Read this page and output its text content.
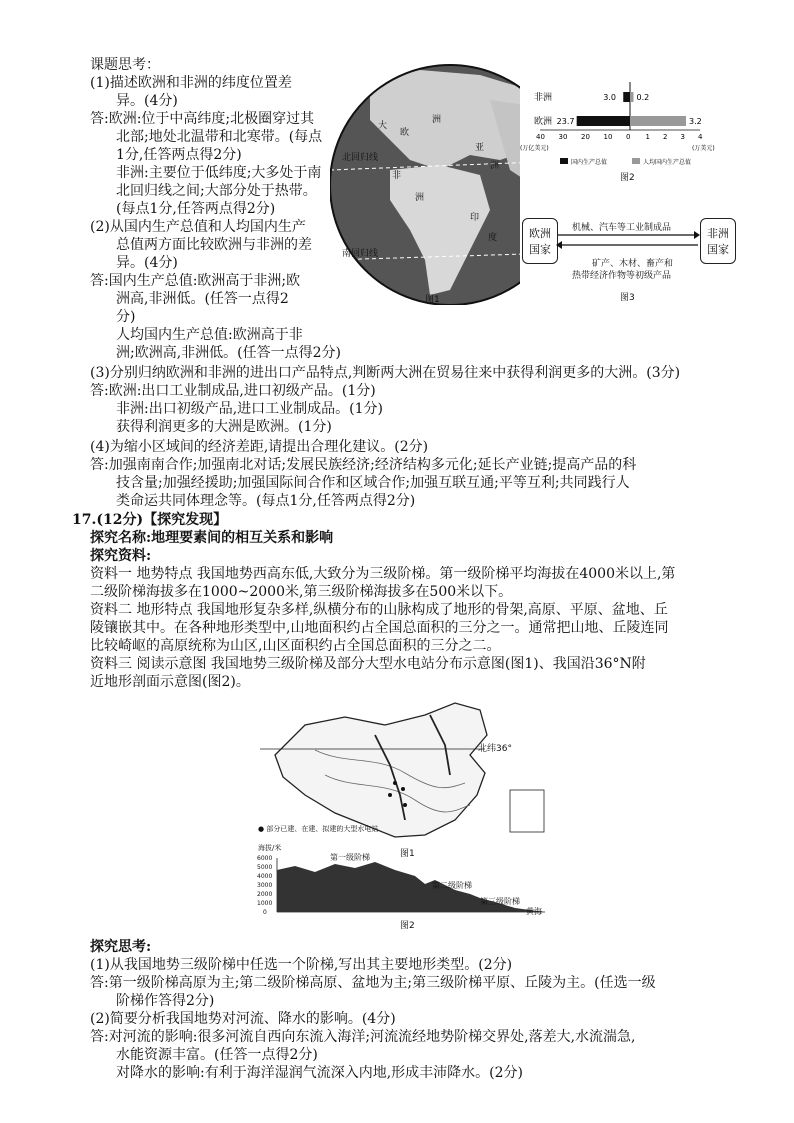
课题思考：
(1)描述欧洲和非洲的纬度位置差
异。(4分)
答:欧洲:位于中高纬度;北极圈穿过其
北部;地处北温带和北寒带。(每点
1分,任答两点得2分)
非洲:主要位于低纬度;大多处于南
北回归线之间;大部分处于热带。
(每点1分,任答两点得2分)
(2)从国内生产总值和人均国内生产
总值两方面比较欧洲与非洲的差
异。(4分)
答:国内生产总值:欧洲高于非洲;欧
洲高,非洲低。(任答一点得2
分)
人均国内生产总值:欧洲高于非
洲;欧洲高,非洲低。(任答一点得2分)
(3)分别归纳欧洲和非洲的进出口产品特点,判断两大洲在贸易往来中获得利润更多的大洲。(3分)
答:欧洲:出口工业制成品,进口初级产品。(1分)
非洲:出口初级产品,进口工业制成品。(1分)
获得利润更多的大洲是欧洲。(1分)
(4)为缩小区域间的经济差距,请提出合理化建议。(2分)
答:加强南南合作;加强南北对话;发展民族经济;经济结构多元化;延长产业链;提高产品的科
技含量;加强经援助;加强国际间合作和区域合作;加强互联互通;平等互利;共同践行人
类命运共同体理念等。(每点1分,任答两点得2分)
大
欧
洲
亚
洲
北回归线
非
洲
印
度
南回归线
图1
非洲	3.0	0.2
欧洲 23.7	3.2
40 30 20 10 0 1 2 3 4
(万亿美元)	(万美元)
国内生产总值	人均国内生产总值
图2
欧洲国家
非洲国家
机械、汽车等工业制成品
矿产、木材、畜产和
热带经济作物等初级产品
图3
17.(12分)【探究发现】
探究名称:地理要素间的相互关系和影响
探究资料:
资料一 地势特点 我国地势西高东低,大致分为三级阶梯。第一级阶梯平均海拔在4000米以上,第
二级阶梯海拔多在1000~2000米,第三级阶梯海拔多在500米以下。
资料二 地形特点 我国地形复杂多样,纵横分布的山脉构成了地形的骨架,高原、平原、盆地、丘
陵镶嵌其中。在各种地形类型中,山地面积约占全国总面积的三分之一。通常把山地、丘陵连同
比较崎岖的高原统称为山区,山区面积约占全国总面积的三分之二。
资料三 阅读示意图 我国地势三级阶梯及部分大型水电站分布示意图(图1)、我国沿36°N附
近地形剖面示意图(图2)。
北纬36°
● 部分已建、在建、拟建的大型水电站
图1
海拔/米
6000
5000
4000
3000
2000
1000
0
第一级阶梯
第二级阶梯
第三级阶梯
黄海
图2
探究思考:
(1)从我国地势三级阶梯中任选一个阶梯,写出其主要地形类型。(2分)
答:第一级阶梯高原为主;第二级阶梯高原、盆地为主;第三级阶梯平原、丘陵为主。(任选一级
阶梯作答得2分)
(2)简要分析我国地势对河流、降水的影响。(4分)
答:对河流的影响:很多河流自西向东流入海洋;河流流经地势阶梯交界处,落差大,水流湍急,
水能资源丰富。(任答一点得2分)
对降水的影响:有利于海洋湿润气流深入内地,形成丰沛降水。(2分)
